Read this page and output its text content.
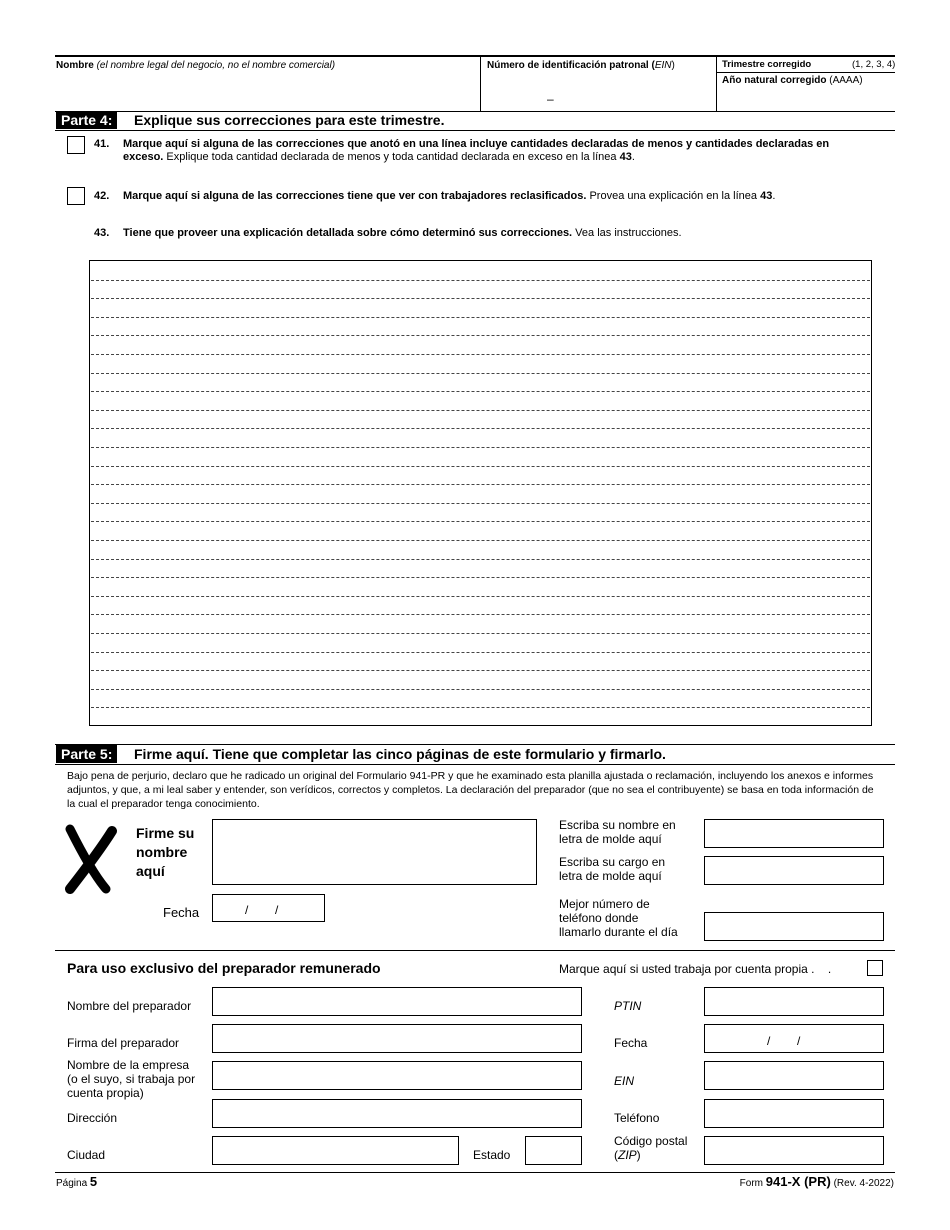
Nombre (el nombre legal del negocio, no el nombre comercial)	Número de identificación patronal (EIN)
–
Trimestre corregido	(1, 2, 3, 4)
Año natural corregido (AAAA)
Parte 4:	Explique sus correcciones para este trimestre.
41. Marque aquí si alguna de las correcciones que anotó en una línea incluye cantidades declaradas de menos y cantidades declaradas en exceso. Explique toda cantidad declarada de menos y toda cantidad declarada en exceso en la línea 43.
42. Marque aquí si alguna de las correcciones tiene que ver con trabajadores reclasificados. Provea una explicación en la línea 43.
43. Tiene que proveer una explicación detallada sobre cómo determinó sus correcciones. Vea las instrucciones.
Parte 5:	Firme aquí. Tiene que completar las cinco páginas de este formulario y firmarlo.
Bajo pena de perjurio, declaro que he radicado un original del Formulario 941-PR y que he examinado esta planilla ajustada o reclamación, incluyendo los anexos e informes adjuntos, y que, a mi leal saber y entender, son verídicos, correctos y completos. La declaración del preparador (que no sea el contribuyente) se basa en toda información de la cual el preparador tenga conocimiento.
Firme su
nombre
aquí
Fecha	/        /
Escriba su nombre en
letra de molde aquí
Escriba su cargo en
letra de molde aquí
Mejor número de
teléfono donde
llamarlo durante el día
Para uso exclusivo del preparador remunerado	Marque aquí si usted trabaja por cuenta propia .    .
Nombre del preparador
Firma del preparador
Nombre de la empresa
(o el suyo, si trabaja por
cuenta propia)
Dirección
Ciudad	Estado
PTIN
Fecha	/        /
EIN
Teléfono
Código postal
(ZIP)
Página 5	Form 941-X (PR) (Rev. 4-2022)
